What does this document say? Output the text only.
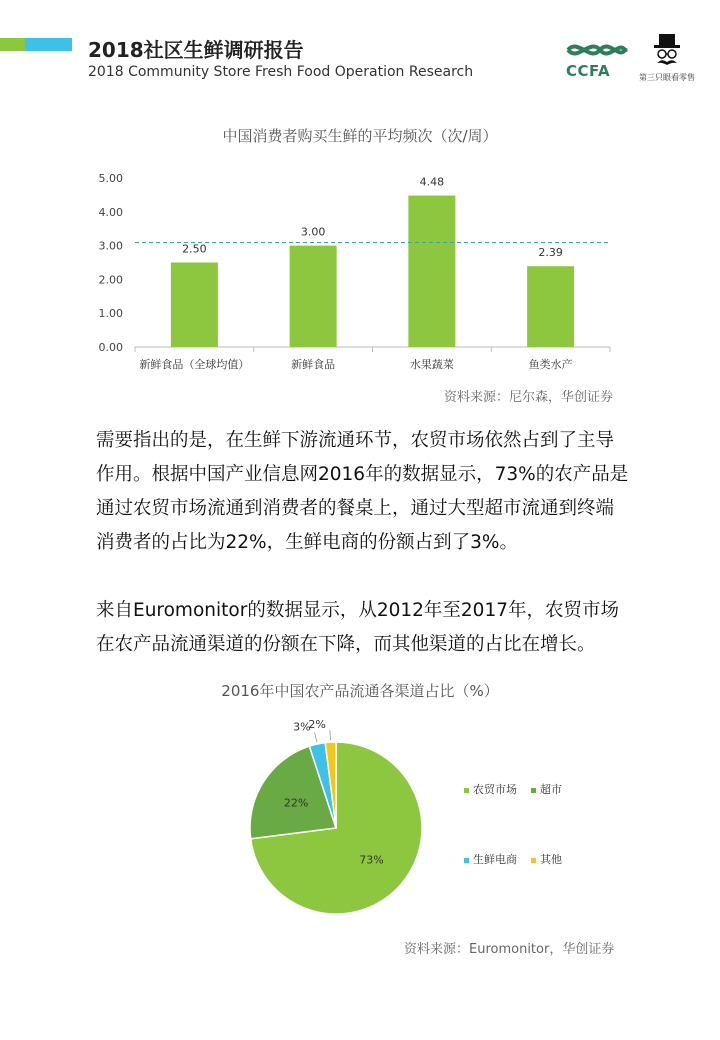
2018社区生鲜调研报告
2018 Community Store Fresh Food Operation Research	CCFA	第三只眼看零售
中国消费者购买生鲜的平均频次（次/周）
0.00
1.00
2.00
3.00
4.00
5.00
2.50
新鲜食品（全球均值）
3.00
新鲜食品
4.48
水果蔬菜
2.39
鱼类水产
资料来源：尼尔森，华创证券

需要指出的是，在生鲜下游流通环节，农贸市场依然占到了主导
作用。根据中国产业信息网2016年的数据显示，73%的农产品是
通过农贸市场流通到消费者的餐桌上，通过大型超市流通到终端
消费者的占比为22%，生鲜电商的份额占到了3%。

来自Euromonitor的数据显示，从2012年至2017年，农贸市场
在农产品流通渠道的份额在下降，而其他渠道的占比在增长。

2016年中国农产品流通各渠道占比（%）
73%
22%
3%
2%
农贸市场 超市
生鲜电商 其他
资料来源：Euromonitor，华创证券
